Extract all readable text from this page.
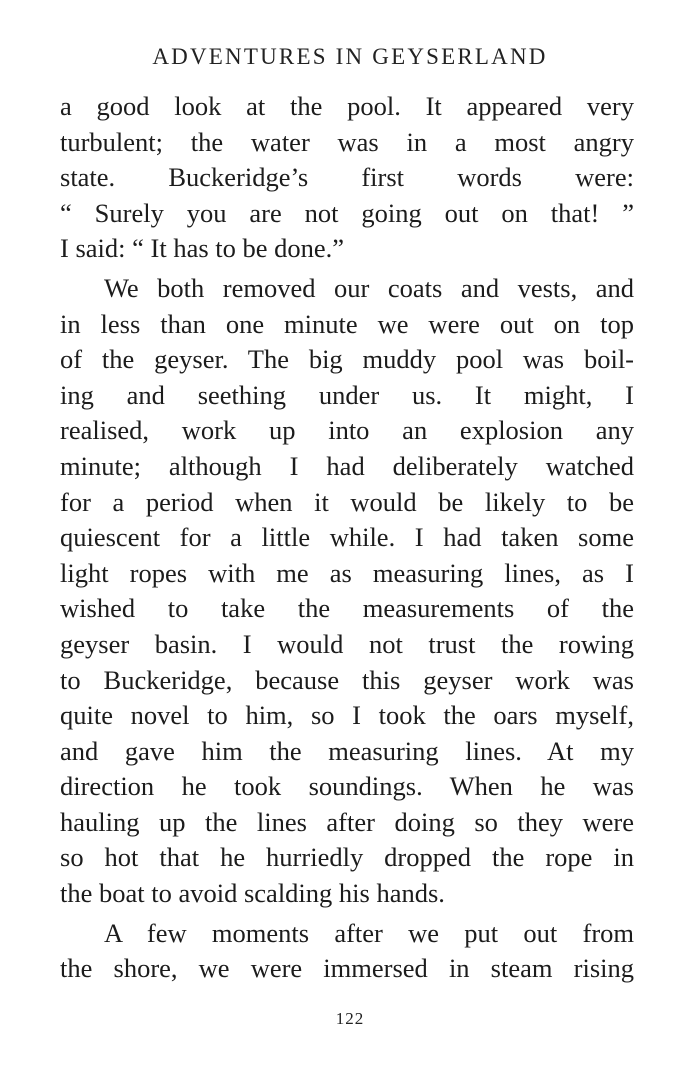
ADVENTURES IN GEYSERLAND

a good look at the pool. It appeared very
turbulent; the water was in a most angry
state. Buckeridge’s first words were:
“ Surely you are not going out on that! ”
I said: “ It has to be done.”

We both removed our coats and vests, and
in less than one minute we were out on top
of the geyser. The big muddy pool was boil-
ing and seething under us. It might, I
realised, work up into an explosion any
minute; although I had deliberately watched
for a period when it would be likely to be
quiescent for a little while. I had taken some
light ropes with me as measuring lines, as I
wished to take the measurements of the
geyser basin. I would not trust the rowing
to Buckeridge, because this geyser work was
quite novel to him, so I took the oars myself,
and gave him the measuring lines. At my
direction he took soundings. When he was
hauling up the lines after doing so they were
so hot that he hurriedly dropped the rope in
the boat to avoid scalding his hands.

A few moments after we put out from
the shore, we were immersed in steam rising

122
